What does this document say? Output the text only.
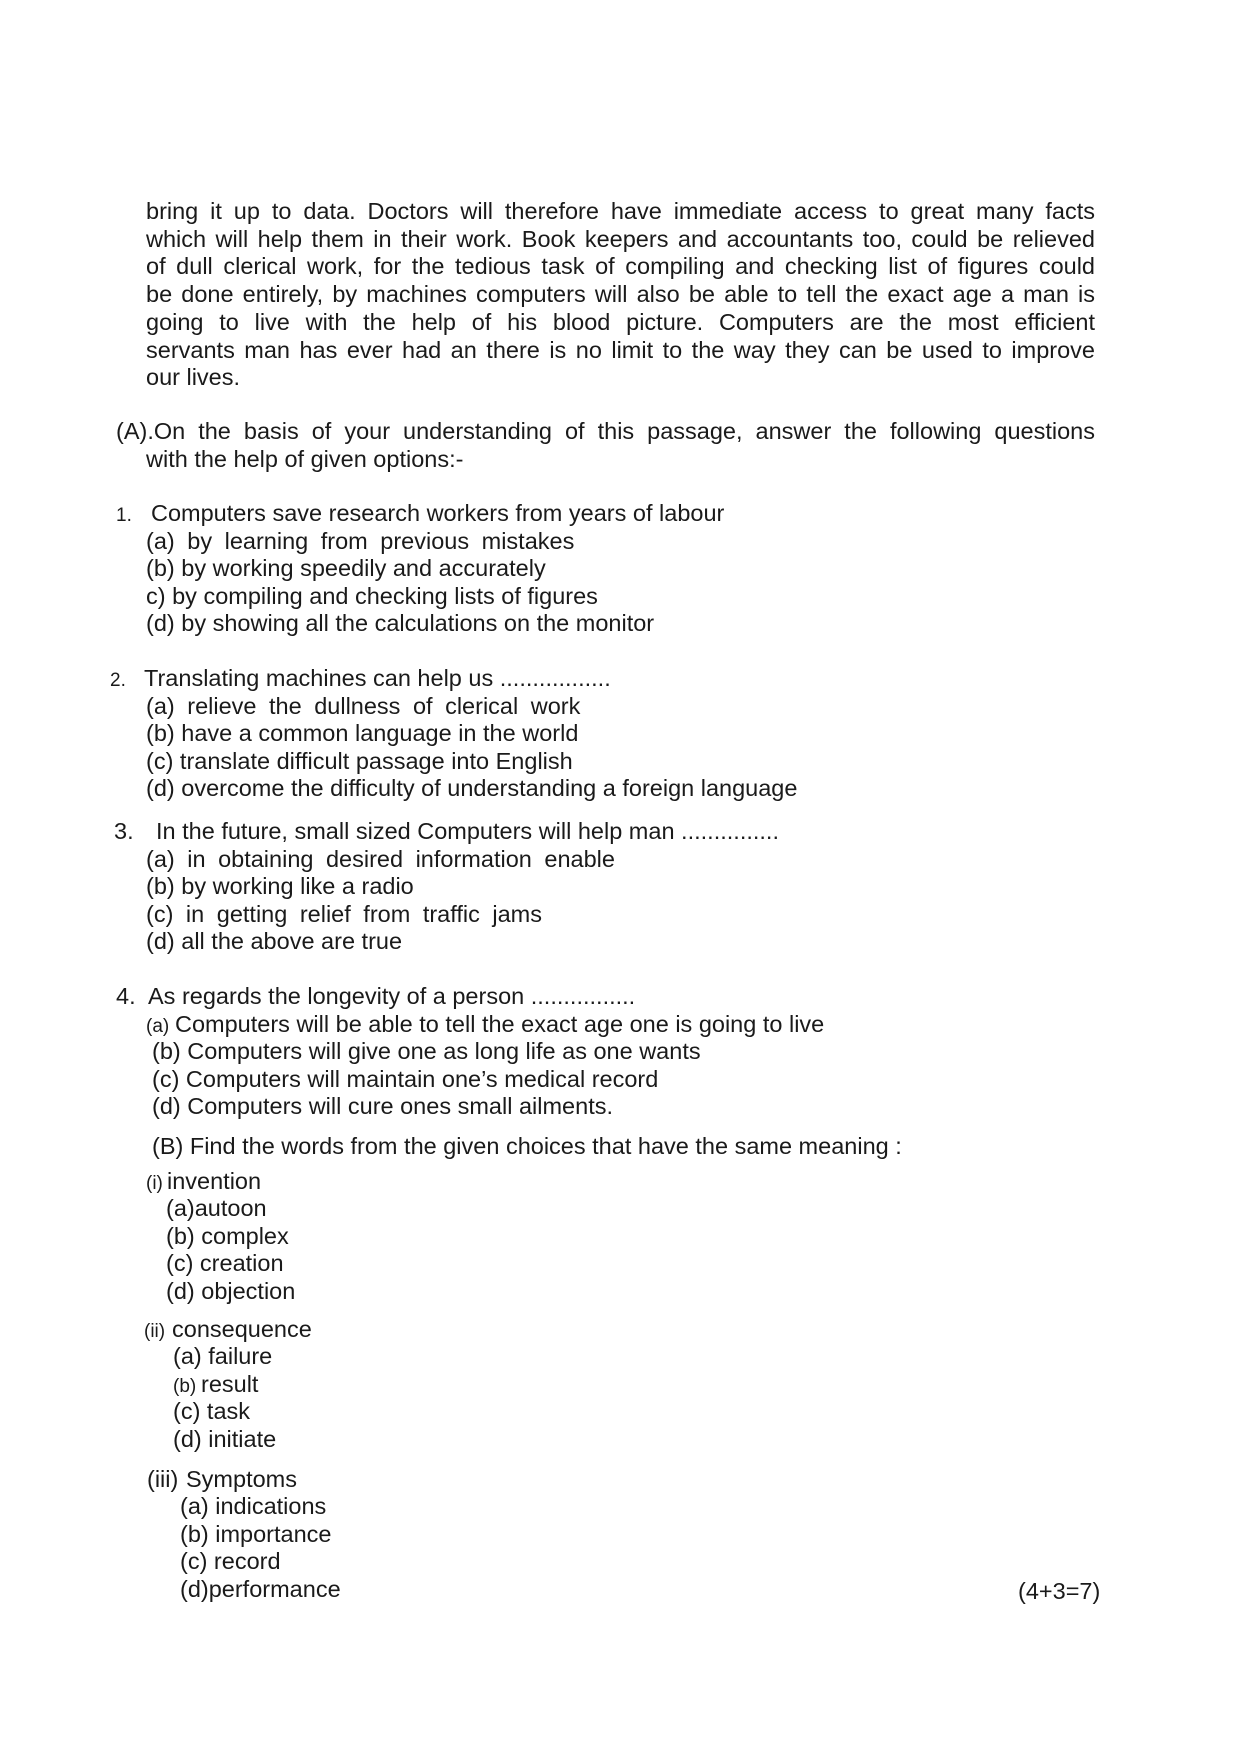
bring it up to data. Doctors will therefore have immediate access to great many facts
which will help them in their work. Book keepers and accountants too, could be relieved
of dull clerical work, for the tedious task of compiling and checking list of figures could
be done entirely, by machines computers will also be able to tell the exact age a man is
going to live with the help of his blood picture. Computers are the most efficient
servants man has ever had an there is no limit to the way they can be used to improve
our lives.
(A).On the basis of your understanding of this passage, answer the following questions
with the help of given options:-
1. Computers save research workers from years of labour
(a) by learning from previous mistakes
(b) by working speedily and accurately
c) by compiling and checking lists of figures
(d) by showing all the calculations on the monitor
2. Translating machines can help us .................
(a) relieve the dullness of clerical work
(b) have a common language in the world
(c) translate difficult passage into English
(d) overcome the difficulty of understanding a foreign language
3. In the future, small sized Computers will help man ...............
(a) in obtaining desired information enable
(b) by working like a radio
(c) in getting relief from traffic jams
(d) all the above are true
4. As regards the longevity of a person ................
(a) Computers will be able to tell the exact age one is going to live
(b) Computers will give one as long life as one wants
(c) Computers will maintain one’s medical record
(d) Computers will cure ones small ailments.
(B) Find the words from the given choices that have the same meaning :
(i) invention
(a)autoon
(b) complex
(c) creation
(d) objection
(ii) consequence
(a) failure
(b) result
(c) task
(d) initiate
(iii) Symptoms
(a) indications
(b) importance
(c) record
(d)performance	(4+3=7)
